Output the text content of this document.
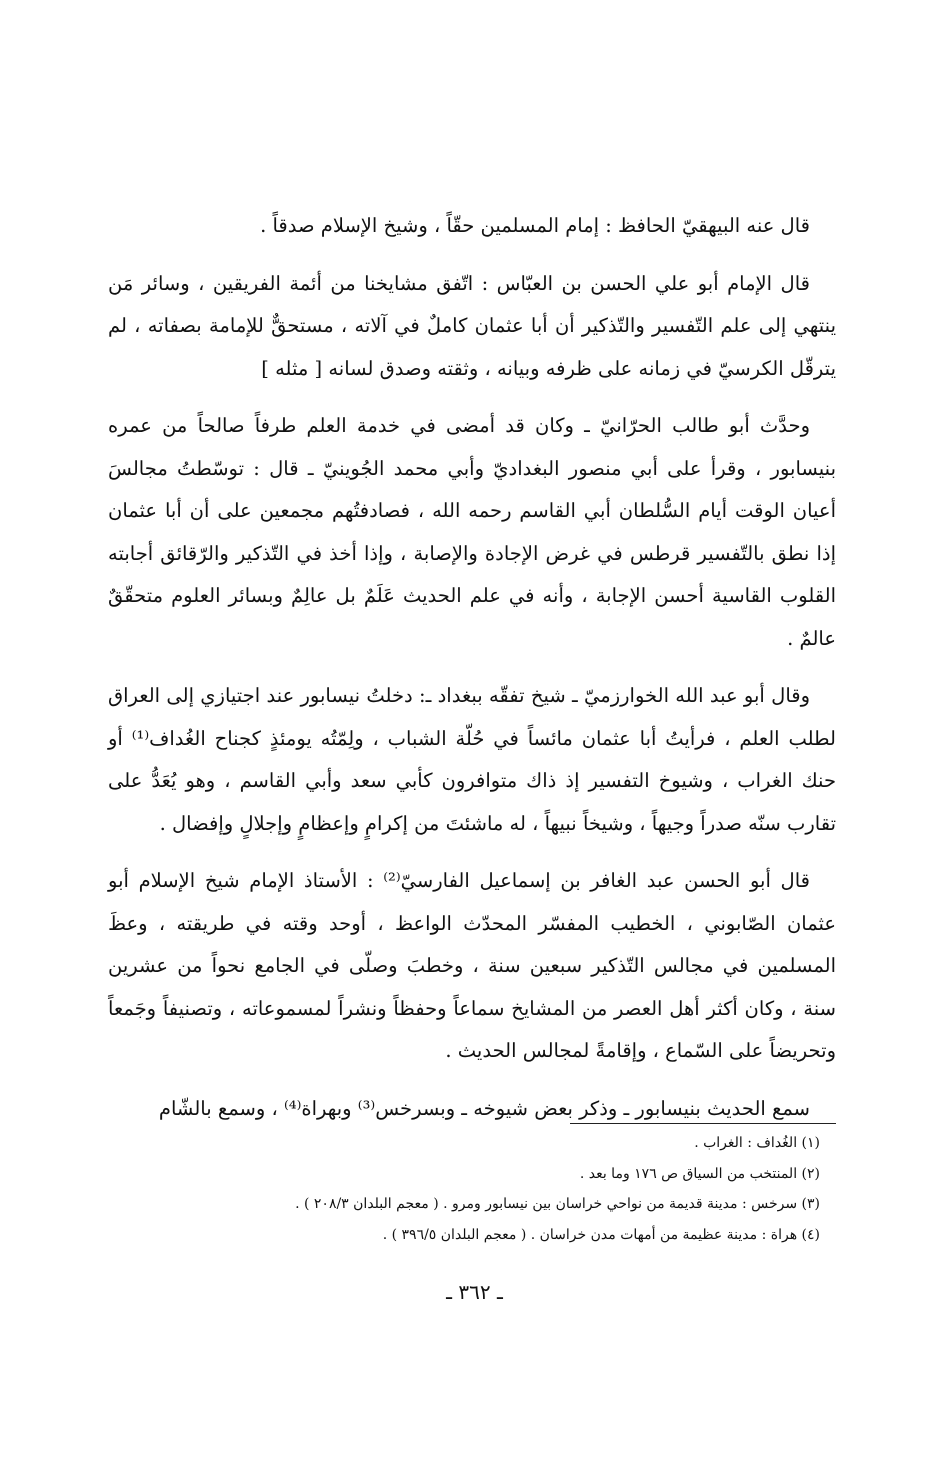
قال عنه البيهقيّ الحافظ : إمام المسلمين حقّاً ، وشيخ الإسلام صدقاً .

قال الإمام أبو علي الحسن بن العبّاس : اتّفق مشايخنا من أئمة الفريقين ، وسائر مَن ينتهي إلى علم التّفسير والتّذكير أن أبا عثمان كاملٌ في آلاته ، مستحقٌّ للإمامة بصفاته ، لم يترقّل الكرسيّ في زمانه على ظرفه وبيانه ، وثقته وصدق لسانه [ مثله ]

وحدَّث أبو طالب الحرّانيّ ـ وكان قد أمضى في خدمة العلم طرفاً صالحاً من عمره بنيسابور ، وقرأ على أبي منصور البغداديّ وأبي محمد الجُوينيّ ـ قال : توسّطتُ مجالسَ أعيان الوقت أيام السُّلطان أبي القاسم رحمه الله ، فصادفتُهم مجمعين على أن أبا عثمان إذا نطق بالتّفسير قرطس في غرض الإجادة والإصابة ، وإذا أخذ في التّذكير والرّقائق أجابته القلوب القاسية أحسن الإجابة ، وأنه في علم الحديث عَلَمٌ بل عالِمٌ وبسائر العلوم متحقّقٌ عالمٌ .

وقال أبو عبد الله الخوارزميّ ـ شيخ تفقّه ببغداد ـ: دخلتُ نيسابور عند اجتيازي إلى العراق لطلب العلم ، فرأيتُ أبا عثمان مائساً في حُلّة الشباب ، ولِمّتُه يومئذٍ كجناح الغُداف⁽¹⁾ أو حنك الغراب ، وشيوخ التفسير إذ ذاك متوافرون كأبي سعد وأبي القاسم ، وهو يُعَدُّ على تقارب سنّه صدراً وجيهاً ، وشيخاً نبيهاً ، له ماشئتَ من إكرامٍ وإعظامٍ وإجلالٍ وإفضال .

قال أبو الحسن عبد الغافر بن إسماعيل الفارسيّ⁽²⁾ : الأستاذ الإمام شيخ الإسلام أبو عثمان الصّابوني ، الخطيب المفسّر المحدّث الواعظ ، أوحد وقته في طريقته ، وعظَ المسلمين في مجالس التّذكير سبعين سنة ، وخطبَ وصلّى في الجامع نحواً من عشرين سنة ، وكان أكثر أهل العصر من المشايخ سماعاً وحفظاً ونشراً لمسموعاته ، وتصنيفاً وجَمعاً وتحريضاً على السّماع ، وإقامةً لمجالس الحديث .

سمع الحديث بنيسابور ـ وذكر بعض شيوخه ـ وبسرخس⁽³⁾ وبهراة⁽⁴⁾ ، وسمع بالشّام

(١) الغُداف : الغراب .

(٢) المنتخب من السياق ص ١٧٦ وما بعد .

(٣) سرخس : مدينة قديمة من نواحي خراسان بين نيسابور ومرو . ( معجم البلدان ٢٠٨/٣ ) .

(٤) هراة : مدينة عظيمة من أمهات مدن خراسان . ( معجم البلدان ٣٩٦/٥ ) .

ـ ٣٦٢ ـ
